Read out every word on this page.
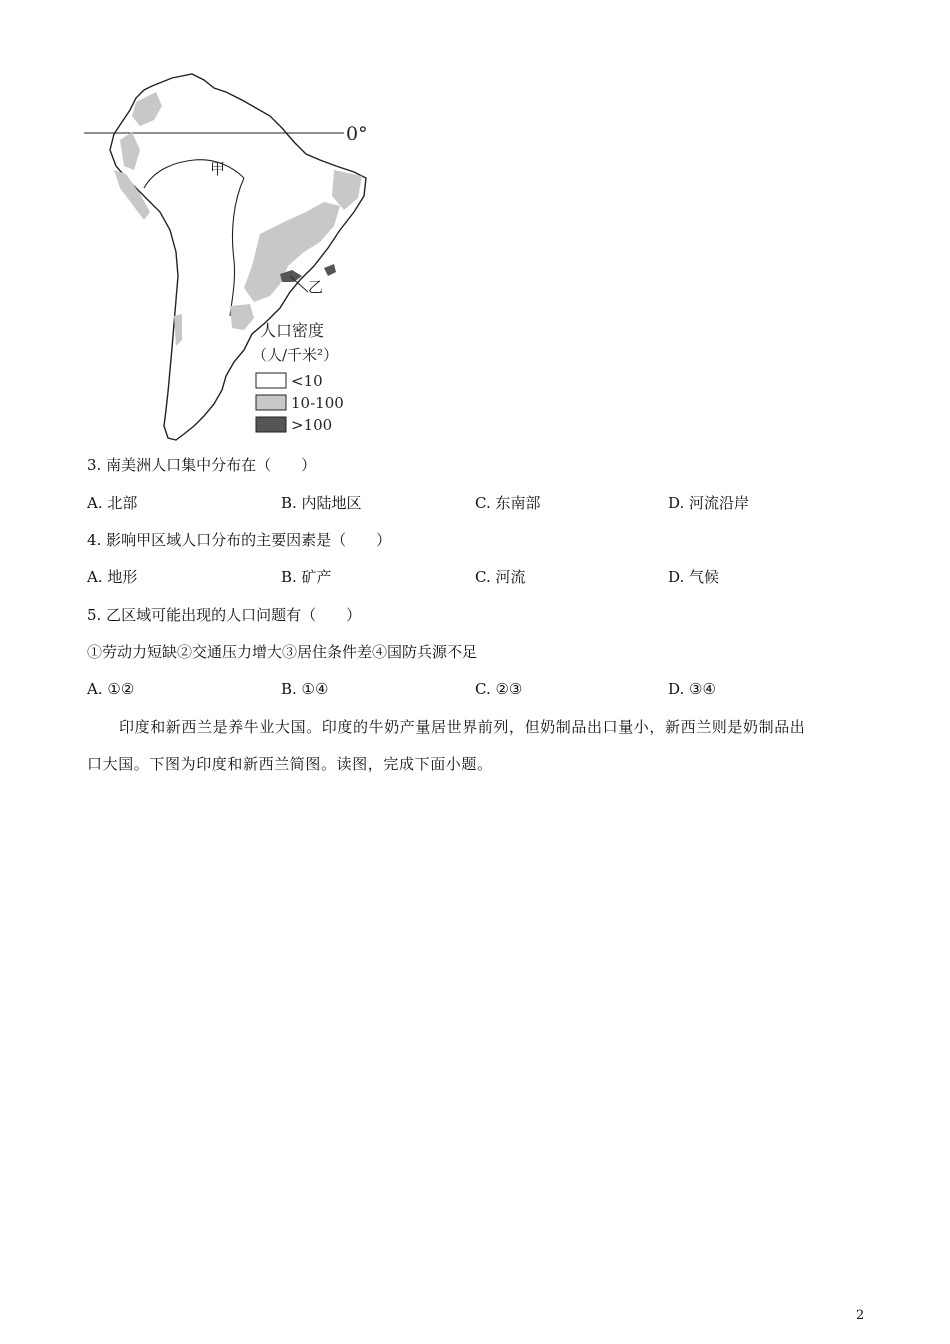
0°
乙
甲
人口密度
（人/千米²）
<10
10-100
>100
3. 南美洲人口集中分布在（　　）
A. 北部	B. 内陆地区	C. 东南部	D. 河流沿岸
4. 影响甲区域人口分布的主要因素是（　　）
A. 地形	B. 矿产	C. 河流	D. 气候
5. 乙区域可能出现的人口问题有（　　）
①劳动力短缺②交通压力增大③居住条件差④国防兵源不足
A. ①②	B. ①④	C. ②③	D. ③④
印度和新西兰是养牛业大国。印度的牛奶产量居世界前列，但奶制品出口量小，新西兰则是奶制品出
口大国。下图为印度和新西兰简图。读图，完成下面小题。
2
